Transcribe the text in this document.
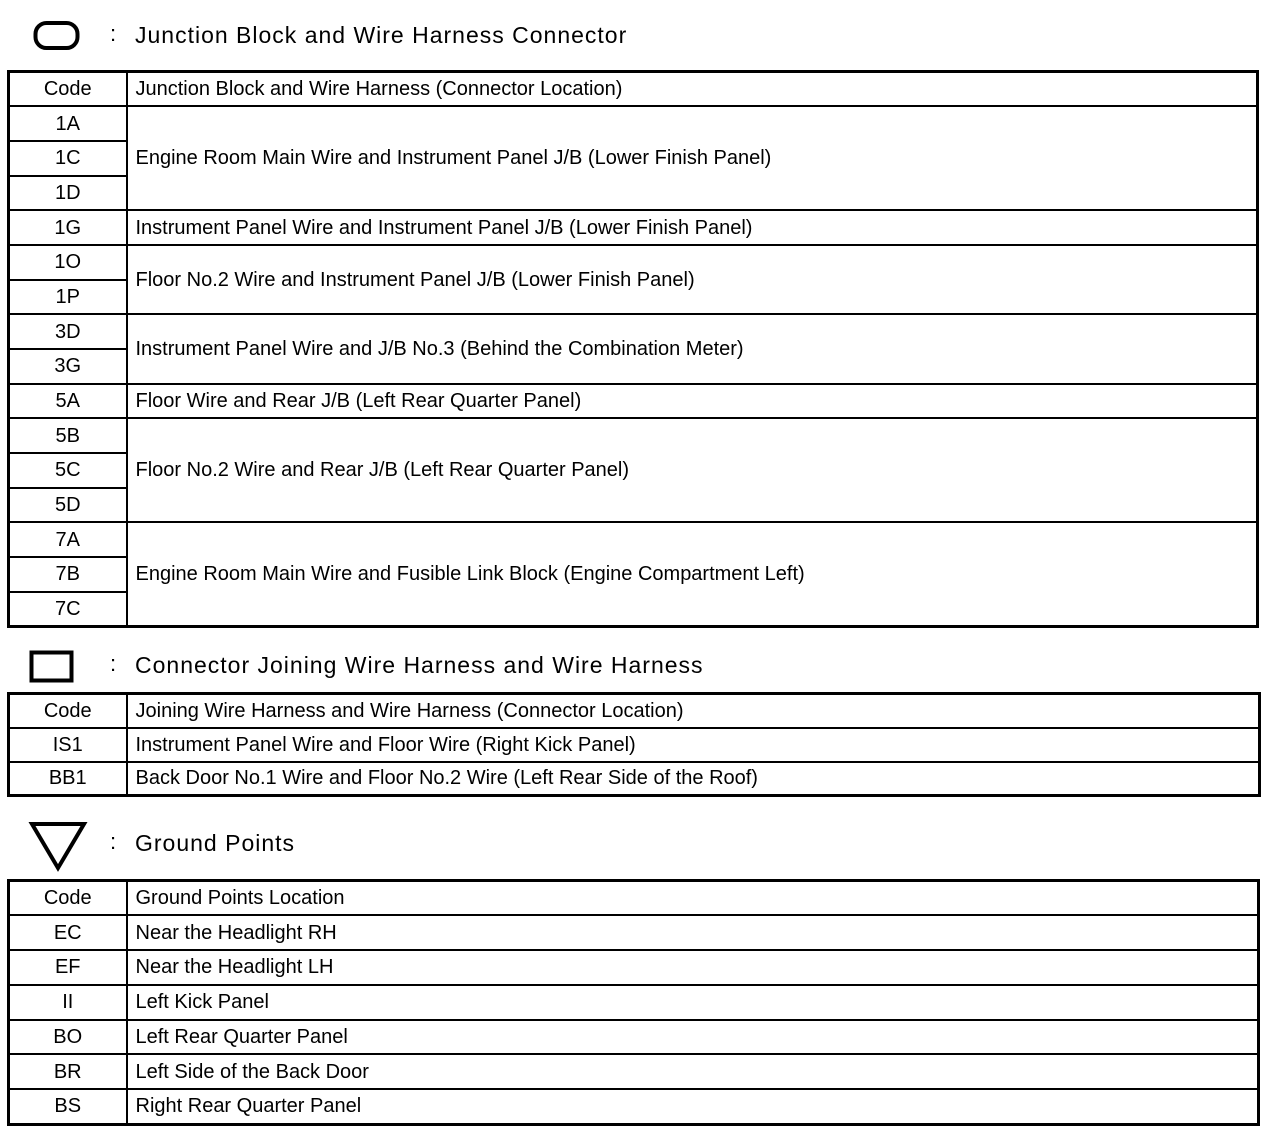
: Junction Block and Wire Harness Connector
Code	Junction Block and Wire Harness (Connector Location)
1A	Engine Room Main Wire and Instrument Panel J/B (Lower Finish Panel)
1C	
1D	
1G	Instrument Panel Wire and Instrument Panel J/B (Lower Finish Panel)
1O	Floor No.2 Wire and Instrument Panel J/B (Lower Finish Panel)
1P	
3D	Instrument Panel Wire and J/B No.3 (Behind the Combination Meter)
3G	
5A	Floor Wire and Rear J/B (Left Rear Quarter Panel)
5B	Floor No.2 Wire and Rear J/B (Left Rear Quarter Panel)
5C	
5D	
7A	Engine Room Main Wire and Fusible Link Block (Engine Compartment Left)
7B	
7C	
: Connector Joining Wire Harness and Wire Harness
Code	Joining Wire Harness and Wire Harness (Connector Location)
IS1	Instrument Panel Wire and Floor Wire (Right Kick Panel)
BB1	Back Door No.1 Wire and Floor No.2 Wire (Left Rear Side of the Roof)
: Ground Points
Code	Ground Points Location
EC	Near the Headlight RH
EF	Near the Headlight LH
II	Left Kick Panel
BO	Left Rear Quarter Panel
BR	Left Side of the Back Door
BS	Right Rear Quarter Panel
